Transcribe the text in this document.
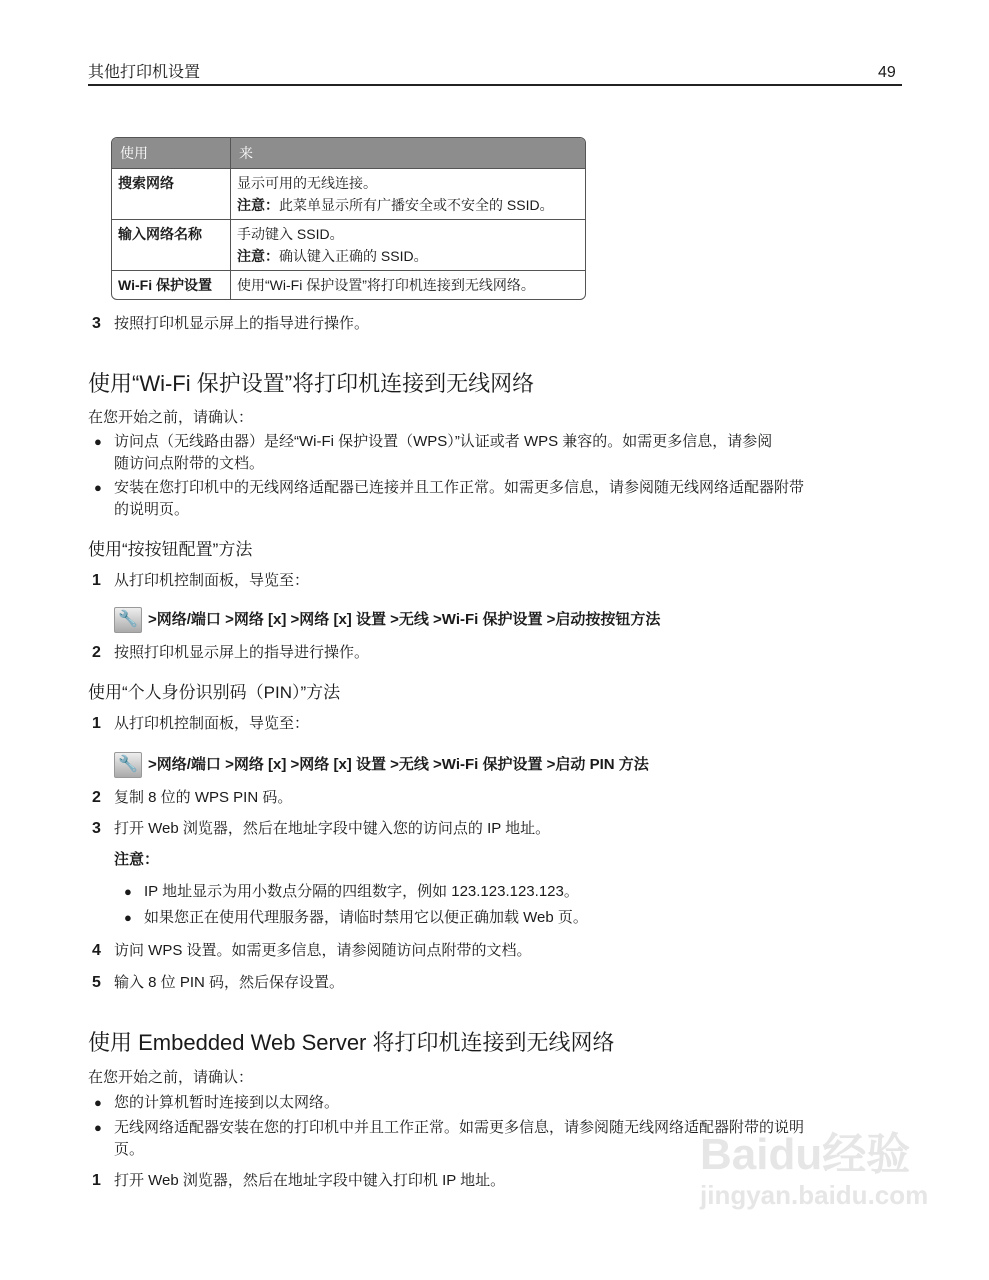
其他打印机设置	49
使用	来
搜索网络	显示可用的无线连接。
注意：此菜单显示所有广播安全或不安全的 SSID。

输入网络名称	手动键入 SSID。
注意：确认键入正确的 SSID。

Wi-Fi 保护设置	使用“Wi-Fi 保护设置”将打印机连接到无线网络。
3 按照打印机显示屏上的指导进行操作。
使用“Wi-Fi 保护设置”将打印机连接到无线网络
在您开始之前，请确认：
● 访问点（无线路由器）是经“Wi-Fi 保护设置（WPS）”认证或者 WPS 兼容的。如需更多信息，请参阅
随访问点附带的文档。
● 安装在您打印机中的无线网络适配器已连接并且工作正常。如需更多信息，请参阅随无线网络适配器附带
的说明页。
使用“按按钮配置”方法
1 从打印机控制面板，导览至：
🔧 >网络/端口 >网络 [x] >网络 [x] 设置 >无线 >Wi-Fi 保护设置 >启动按按钮方法
2 按照打印机显示屏上的指导进行操作。
使用“个人身份识别码（PIN）”方法
1 从打印机控制面板，导览至：
🔧 >网络/端口 >网络 [x] >网络 [x] 设置 >无线 >Wi-Fi 保护设置 >启动 PIN 方法
2 复制 8 位的 WPS PIN 码。
3 打开 Web 浏览器，然后在地址字段中键入您的访问点的 IP 地址。
注意：
● IP 地址显示为用小数点分隔的四组数字，例如 123.123.123.123。
● 如果您正在使用代理服务器，请临时禁用它以便正确加载 Web 页。
4 访问 WPS 设置。如需更多信息，请参阅随访问点附带的文档。
5 输入 8 位 PIN 码，然后保存设置。
使用 Embedded Web Server 将打印机连接到无线网络
在您开始之前，请确认：
● 您的计算机暂时连接到以太网络。
● 无线网络适配器安装在您的打印机中并且工作正常。如需更多信息，请参阅随无线网络适配器附带的说明
页。
1 打开 Web 浏览器，然后在地址字段中键入打印机 IP 地址。
Baidu经验
jingyan.baidu.com
